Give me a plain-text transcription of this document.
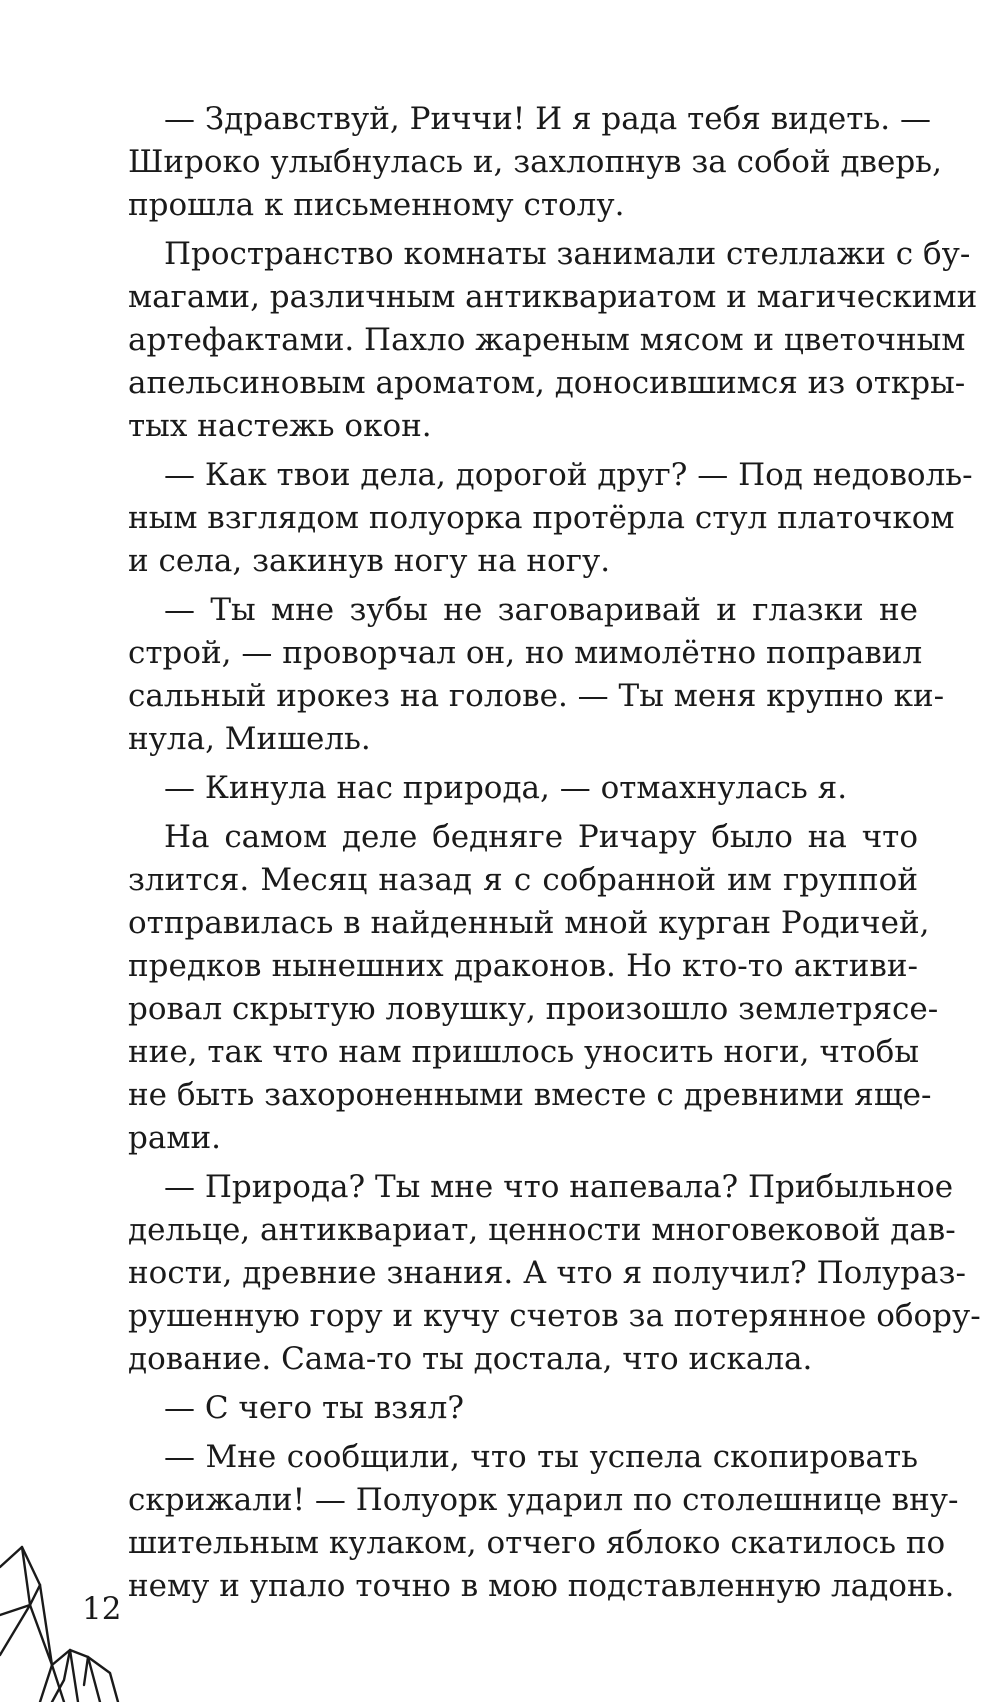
— Здравствуй, Риччи! И я рада тебя видеть. —
Широко улыбнулась и, захлопнув за собой дверь,
прошла к письменному столу.
Пространство комнаты занимали стеллажи с бу-
магами, различным антиквариатом и магическими
артефактами. Пахло жареным мясом и цветочным
апельсиновым ароматом, доносившимся из откры-
тых настежь окон.
— Как твои дела, дорогой друг? — Под недоволь-
ным взглядом полуорка протёрла стул платочком
и села, закинув ногу на ногу.
— Ты мне зубы не заговаривай и глазки не
строй, — проворчал он, но мимолётно поправил
сальный ирокез на голове. — Ты меня крупно ки-
нула, Мишель.
— Кинула нас природа, — отмахнулась я.
На самом деле бедняге Ричару было на что
злится. Месяц назад я с собранной им группой
отправилась в найденный мной курган Родичей,
предков нынешних драконов. Но кто-то активи-
ровал скрытую ловушку, произошло землетрясе-
ние, так что нам пришлось уносить ноги, чтобы
не быть захороненными вместе с древними яще-
рами.
— Природа? Ты мне что напевала? Прибыльное
дельце, антиквариат, ценности многовековой дав-
ности, древние знания. А что я получил? Полураз-
рушенную гору и кучу счетов за потерянное обору-
дование. Сама-то ты достала, что искала.
— С чего ты взял?
— Мне сообщили, что ты успела скопировать
скрижали! — Полуорк ударил по столешнице вну-
шительным кулаком, отчего яблоко скатилось по
нему и упало точно в мою подставленную ладонь.
12
